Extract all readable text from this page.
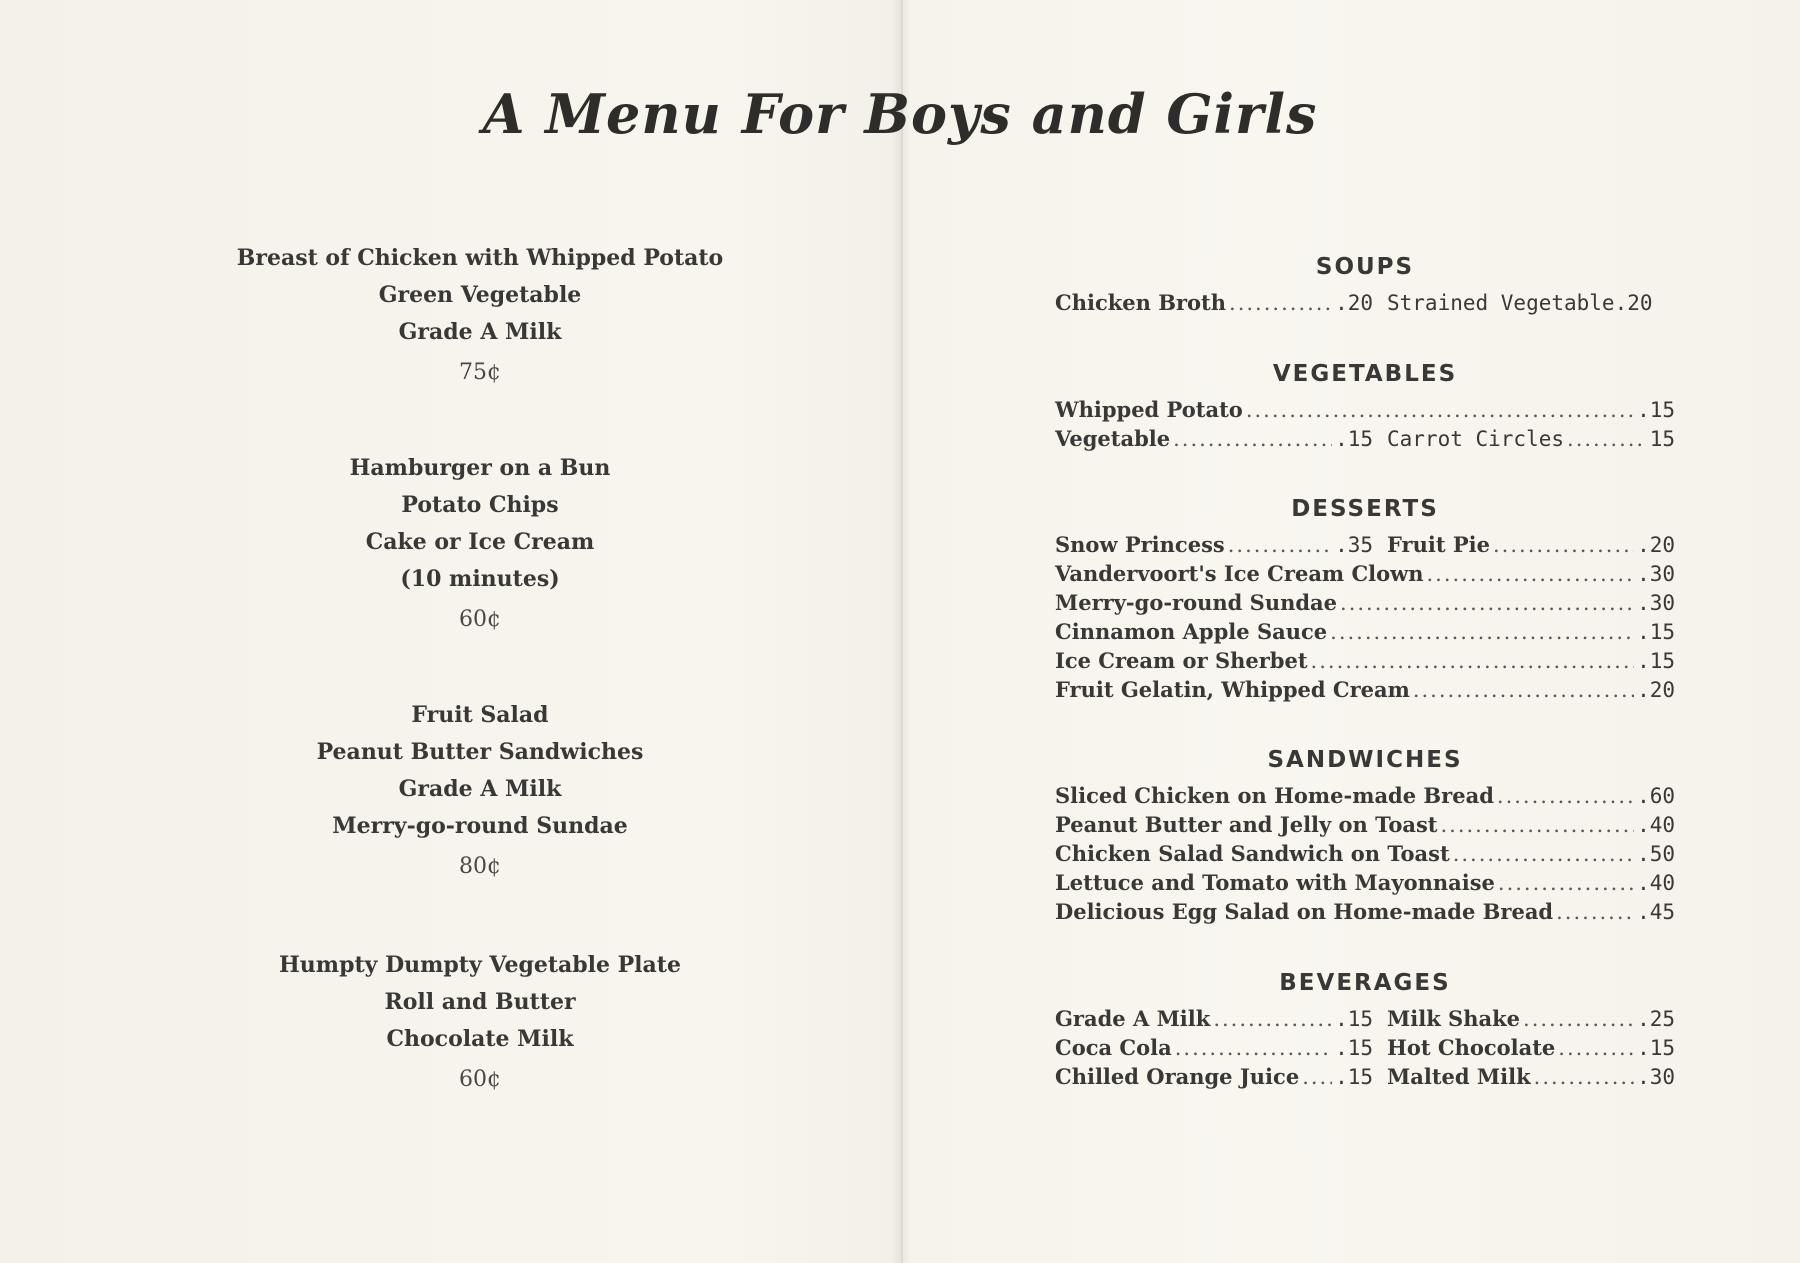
A Menu For Boys and Girls
Breast of Chicken with Whipped Potato
Green Vegetable
Grade A Milk
75¢
Hamburger on a Bun
Potato Chips
Cake or Ice Cream
(10 minutes)
60¢
Fruit Salad
Peanut Butter Sandwiches
Grade A Milk
Merry-go-round Sundae
80¢
Humpty Dumpty Vegetable Plate
Roll and Butter
Chocolate Milk
60¢
SOUPS
Chicken Broth .....	.20 Strained Vegetable .20
VEGETABLES
Whipped Potato .....	.15
Vegetable .....	.15 Carrot Circles .....	15
DESSERTS
Snow Princess .....	.35 Fruit Pie .....	.20
Vandervoort's Ice Cream Clown .....	.30
Merry-go-round Sundae .....	.30
Cinnamon Apple Sauce .....	.15
Ice Cream or Sherbet .....	.15
Fruit Gelatin, Whipped Cream .....	.20
SANDWICHES
Sliced Chicken on Home-made Bread .....	.60
Peanut Butter and Jelly on Toast .....	.40
Chicken Salad Sandwich on Toast .....	.50
Lettuce and Tomato with Mayonnaise .....	.40
Delicious Egg Salad on Home-made Bread .....	.45
BEVERAGES
Grade A Milk .....	.15 Milk Shake .....	.25
Coca Cola .....	.15 Hot Chocolate .....	.15
Chilled Orange Juice ..... .15 Malted Milk .....	.30
